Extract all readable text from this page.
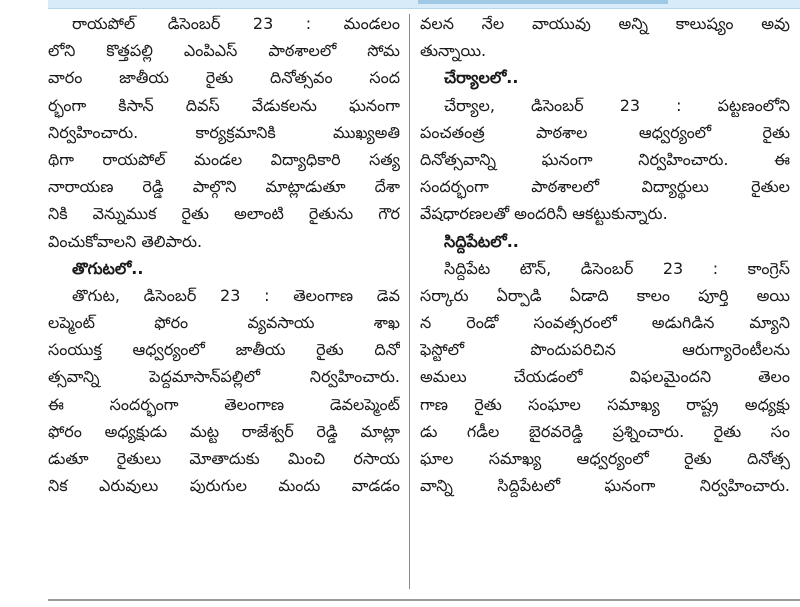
రాయపోల్ డిసెంబర్ 23 : మండలం
లోని కొత్తపల్లి ఎంపిఎస్ పాఠశాలలో సోమ
వారం జాతీయ రైతు దినోత్సవం సంద
ర్భంగా కిసాన్ దివస్ వేడుకలను ఘనంగా
నిర్వహించారు. కార్యక్రమానికి ముఖ్యఅతి
థిగా రాయపోల్ మండల విద్యాధికారి సత్య
నారాయణ రెడ్డి పాల్గొని మాట్లాడుతూ దేశా
నికి వెన్నుముక రైతు అలాంటి రైతును గౌర
వించుకోవాలని తెలిపారు.
తొగుటలో..
తొగుట, డిసెంబర్ 23 : తెలంగాణ డెవ
లప్మెంట్ ఫోరం వ్యవసాయ శాఖ
సంయుక్త ఆధ్వర్యంలో జాతీయ రైతు దినో
త్సవాన్ని పెద్దమాసాన్‌పల్లిలో నిర్వహించారు.
ఈ సందర్భంగా తెలంగాణ డెవలప్మెంట్
ఫోరం అధ్యక్షుడు మట్ట రాజేశ్వర్ రెడ్డి మాట్లా
డుతూ రైతులు మోతాదుకు మించి రసాయ
నిక ఎరువులు పురుగుల మందు వాడడం
వలన నేల వాయువు అన్ని కాలుష్యం అవు
తున్నాయి.
చేర్యాలలో..
చేర్యాల, డిసెంబర్ 23 : పట్టణంలోని
పంచతంత్ర పాఠశాల ఆధ్వర్యంలో రైతు
దినోత్సవాన్ని ఘనంగా నిర్వహించారు. ఈ
సందర్భంగా పాఠశాలలో విద్యార్థులు రైతుల
వేషధారణలతో అందరినీ ఆకట్టుకున్నారు.
సిద్దిపేటలో..
సిద్దిపేట టౌన్, డిసెంబర్ 23 : కాంగ్రెస్
సర్కారు ఏర్పాడి ఏడాది కాలం పూర్తి అయి
న రెండో సంవత్సరంలో అడుగిడిన మ్యాని
ఫెస్టోలో పొందుపరిచిన ఆరుగ్యారెంటీలను
అమలు చేయడంలో విఫలమైందని తెలం
గాణ రైతు సంఘాల సమాఖ్య రాష్ట్ర అధ్యక్షు
డు గడీల బైరవరెడ్డి ప్రశ్నించారు. రైతు సం
ఘాల సమాఖ్య ఆధ్వర్యంలో రైతు దినోత్స
వాన్ని సిద్దిపేటలో ఘనంగా నిర్వహించారు.
